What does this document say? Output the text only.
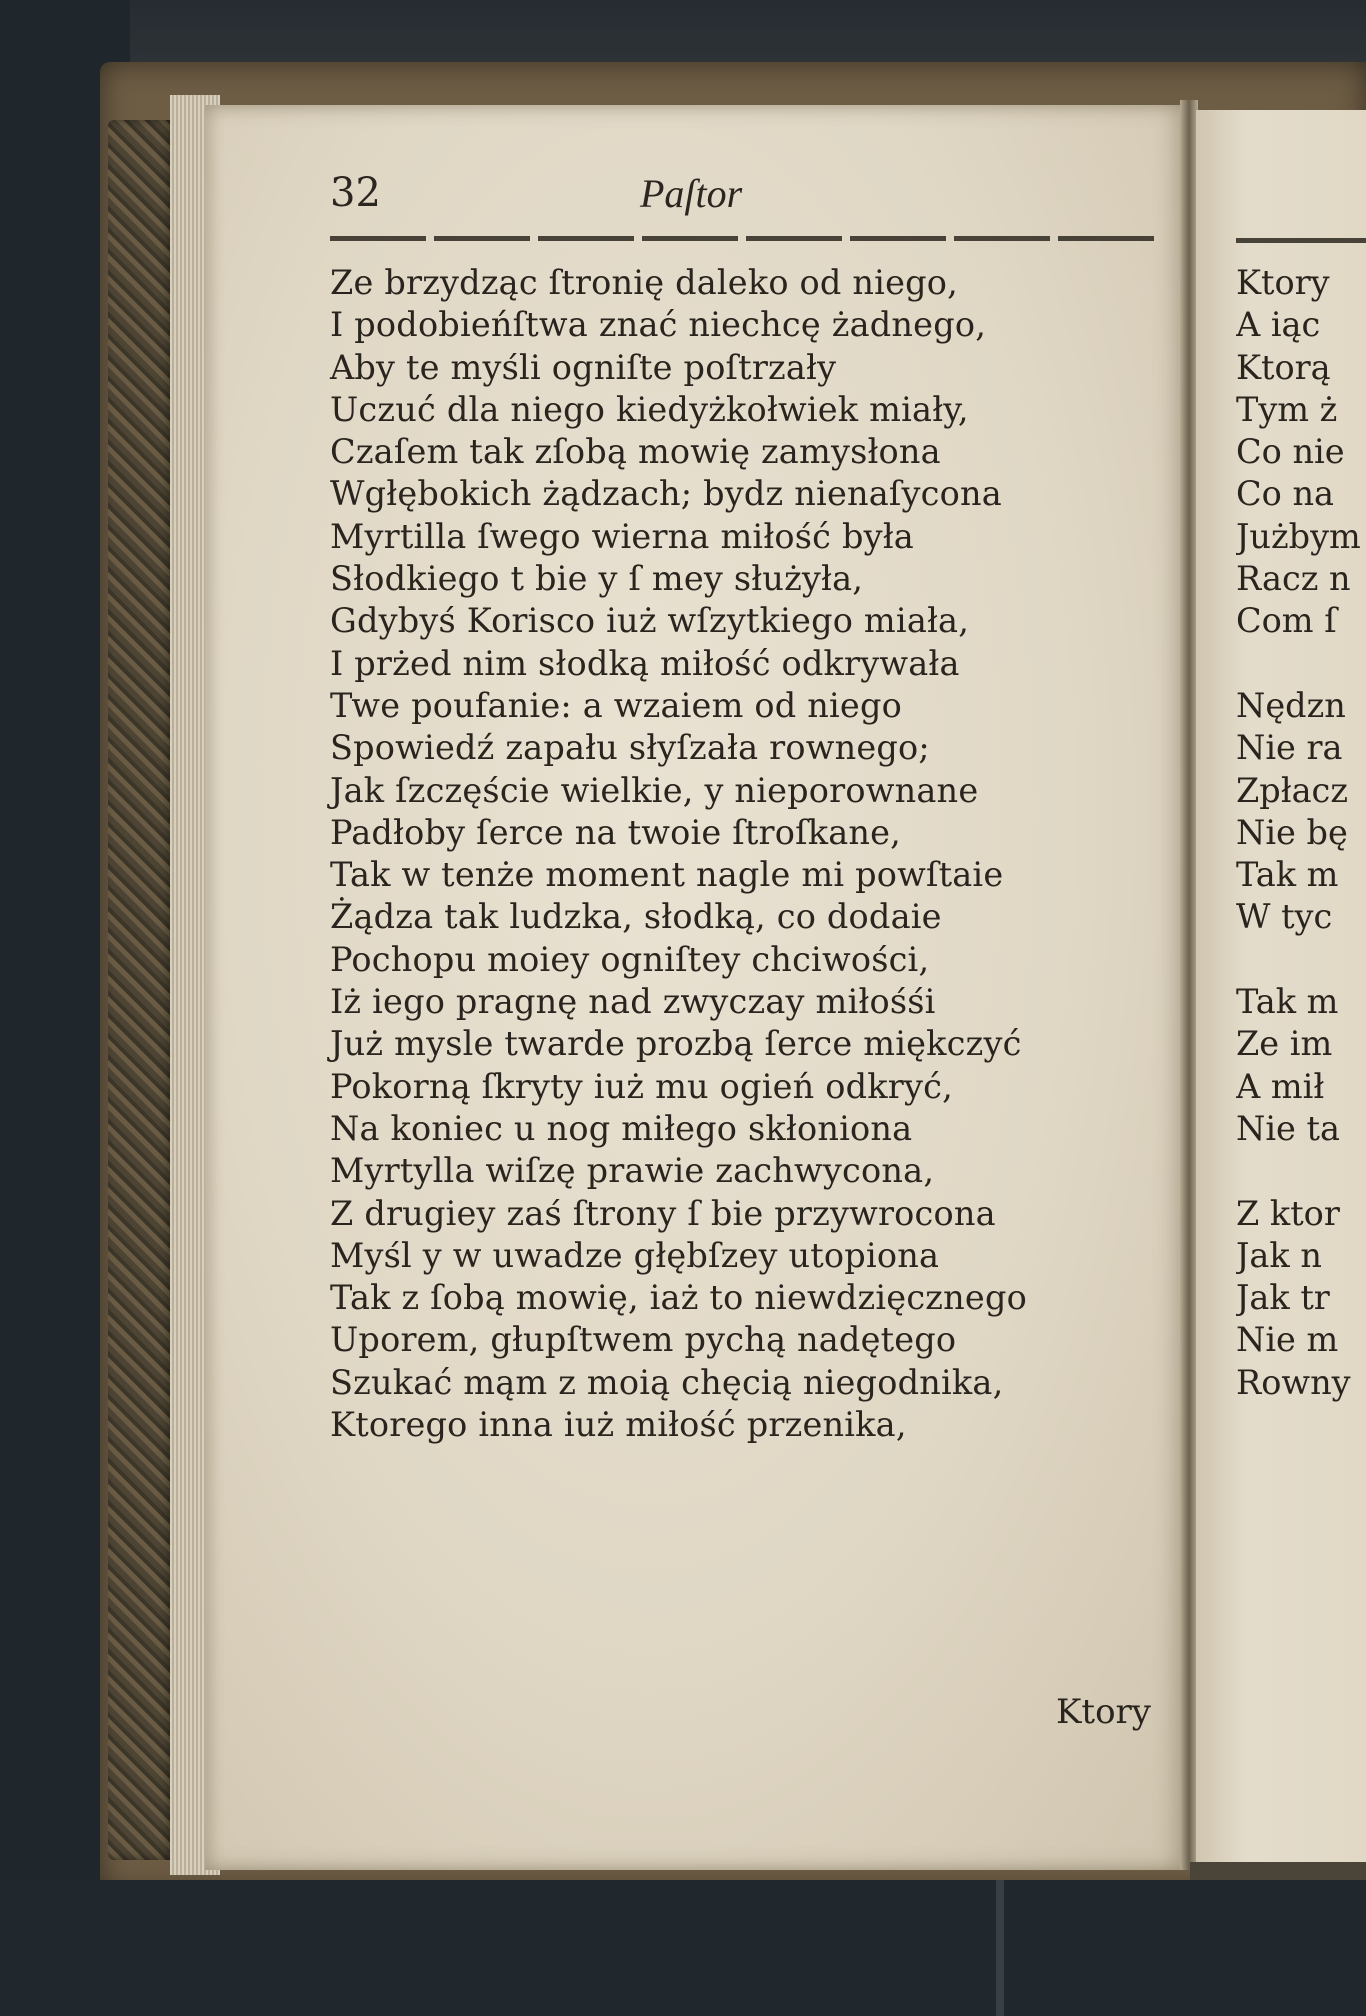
32	Paſtor
Ze brzydząc ſtronię daleko od niego,
I podobieńſtwa znać niechcę żadnego,
Aby te myśli ogniſte poſtrzały
Uczuć dla niego kiedyżkołwiek miały,
Czaſem tak zſobą mowię zamysłona
Wgłębokich żądzach; bydz nienaſycona
Myrtilla ſwego wierna miłość była
Słodkiego t bie y ſ mey służyła,
Gdybyś Korisco iuż wſzytkiego miała,
I prżed nim słodką miłość odkrywała
Twe poufanie: a wzaiem od niego
Spowiedź zapału słyſzała rownego;
Jak ſzczęście wielkie, y nieporownane
Padłoby ſerce na twoie ſtroſkane,
Tak w tenże moment nagle mi powſtaie
Żądza tak ludzka, słodką, co dodaie
Pochopu moiey ogniſtey chciwości,
Iż iego pragnę nad zwyczay miłośśi
Już mysle twarde prozbą ſerce miękczyć
Pokorną ſkryty iuż mu ogień odkryć,
Na koniec u nog miłego skłoniona
Myrtylla wiſzę prawie zachwycona,
Z drugiey zaś ſtrony ſ bie przywrocona
Myśl y w uwadze głębſzey utopiona
Tak z ſobą mowię, iaż to niewdzięcznego
Uporem, głupſtwem pychą nadętego
Szukać mąm z moią chęcią niegodnika,
Ktorego inna iuż miłość przenika,
Ktory
Ktory
A iąc
Ktorą
Tym ż
Co nie
Co na
Jużbym
Racz n
Com ſ
Nędzn
Nie ra
Zpłacz
Nie bę
Tak m
W tyc
Tak m
Ze im
A mił
Nie ta
Z ktor
Jak n
Jak tr
Nie m
Rowny
